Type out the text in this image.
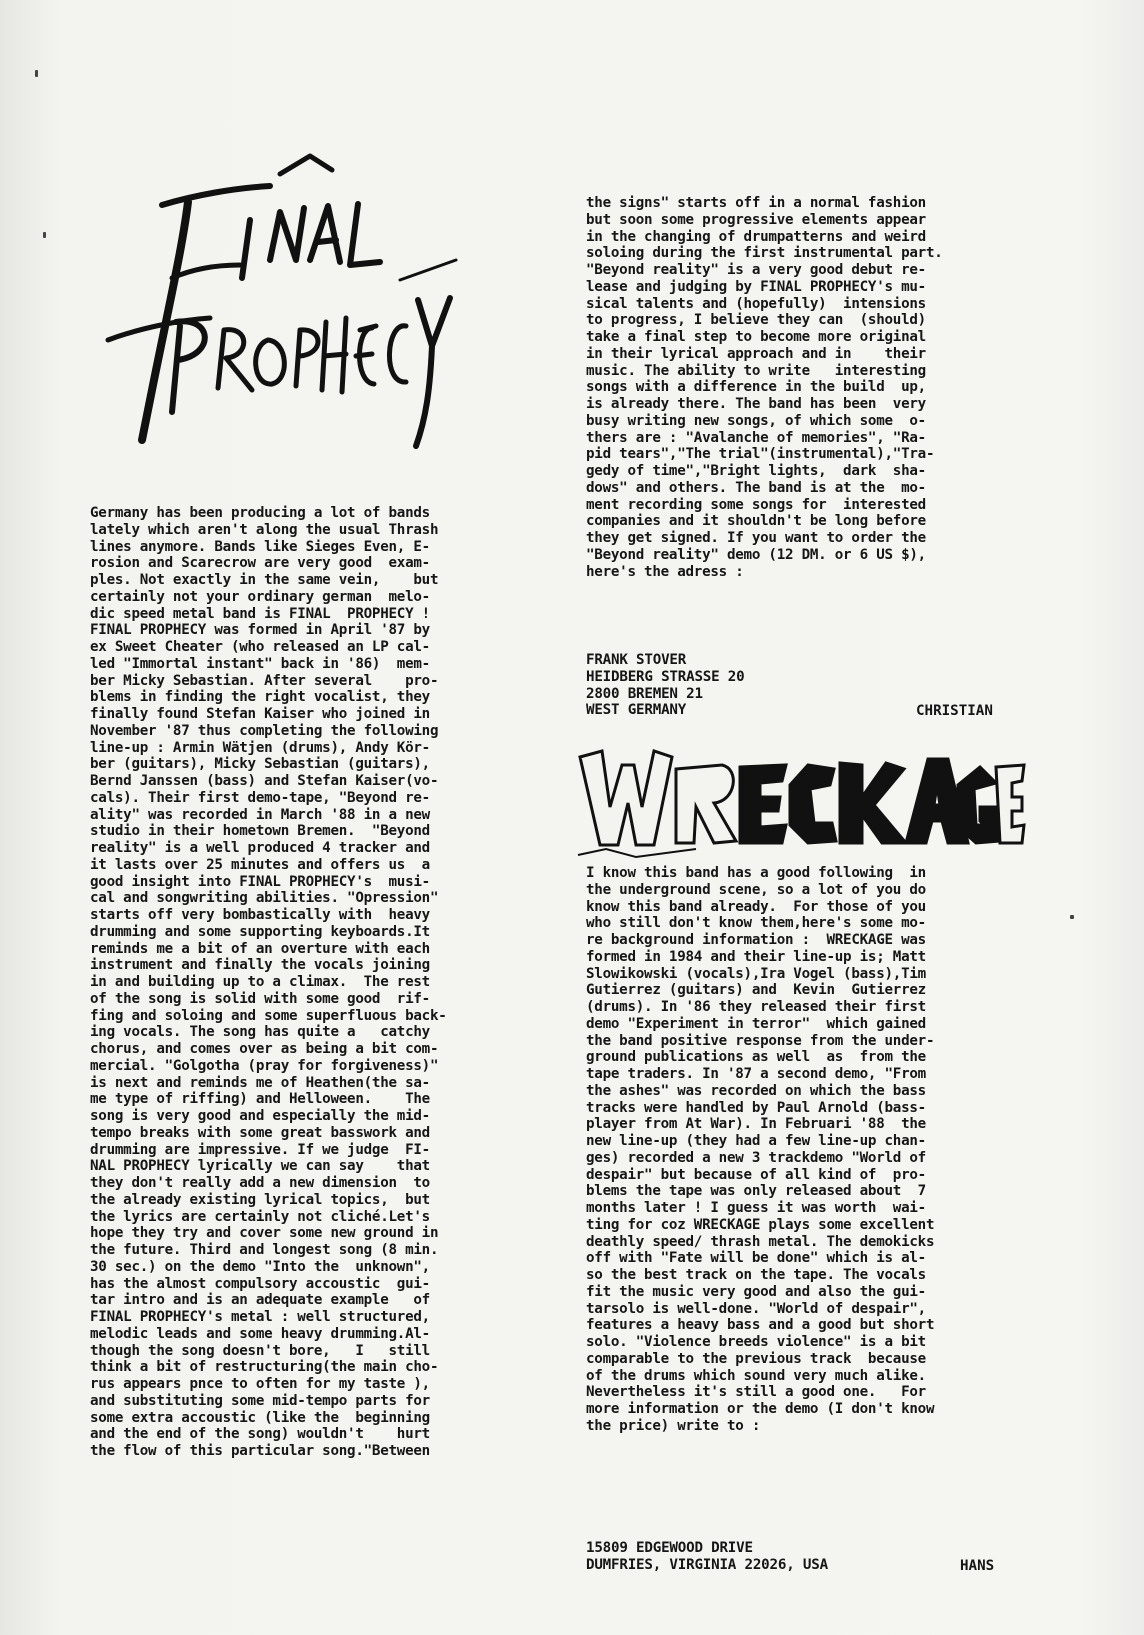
Germany has been producing a lot of bands
lately which aren't along the usual Thrash
lines anymore. Bands like Sieges Even, E-
rosion and Scarecrow are very good  exam-
ples. Not exactly in the same vein,    but
certainly not your ordinary german  melo-
dic speed metal band is FINAL  PROPHECY !
FINAL PROPHECY was formed in April '87 by
ex Sweet Cheater (who released an LP cal-
led "Immortal instant" back in '86)  mem-
ber Micky Sebastian. After several    pro-
blems in finding the right vocalist, they
finally found Stefan Kaiser who joined in
November '87 thus completing the following
line-up : Armin Wätjen (drums), Andy Kör-
ber (guitars), Micky Sebastian (guitars),
Bernd Janssen (bass) and Stefan Kaiser(vo-
cals). Their first demo-tape, "Beyond re-
ality" was recorded in March '88 in a new
studio in their hometown Bremen.  "Beyond
reality" is a well produced 4 tracker and
it lasts over 25 minutes and offers us  a
good insight into FINAL PROPHECY's  musi-
cal and songwriting abilities. "Opression"
starts off very bombastically with  heavy
drumming and some supporting keyboards.It
reminds me a bit of an overture with each
instrument and finally the vocals joining
in and building up to a climax.  The rest
of the song is solid with some good  rif-
fing and soloing and some superfluous back-
ing vocals. The song has quite a   catchy
chorus, and comes over as being a bit com-
mercial. "Golgotha (pray for forgiveness)"
is next and reminds me of Heathen(the sa-
me type of riffing) and Helloween.    The
song is very good and especially the mid-
tempo breaks with some great basswork and
drumming are impressive. If we judge  FI-
NAL PROPHECY lyrically we can say    that
they don't really add a new dimension  to
the already existing lyrical topics,  but
the lyrics are certainly not cliché.Let's
hope they try and cover some new ground in
the future. Third and longest song (8 min.
30 sec.) on the demo "Into the  unknown",
has the almost compulsory accoustic  gui-
tar intro and is an adequate example   of
FINAL PROPHECY's metal : well structured,
melodic leads and some heavy drumming.Al-
though the song doesn't bore,   I   still
think a bit of restructuring(the main cho-
rus appears pnce to often for my taste ),
and substituting some mid-tempo parts for
some extra accoustic (like the  beginning
and the end of the song) wouldn't    hurt
the flow of this particular song."Between
the signs" starts off in a normal fashion
but soon some progressive elements appear
in the changing of drumpatterns and weird
soloing during the first instrumental part.
"Beyond reality" is a very good debut re-
lease and judging by FINAL PROPHECY's mu-
sical talents and (hopefully)  intensions
to progress, I believe they can  (should)
take a final step to become more original
in their lyrical approach and in    their
music. The ability to write   interesting
songs with a difference in the build  up,
is already there. The band has been  very
busy writing new songs, of which some  o-
thers are : "Avalanche of memories", "Ra-
pid tears","The trial"(instrumental),"Tra-
gedy of time","Bright lights,  dark  sha-
dows" and others. The band is at the  mo-
ment recording some songs for  interested
companies and it shouldn't be long before
they get signed. If you want to order the
"Beyond reality" demo (12 DM. or 6 US $),
here's the adress :
FRANK STOVER
HEIDBERG STRASSE 20
2800 BREMEN 21
WEST GERMANY	CHRISTIAN
I know this band has a good following  in
the underground scene, so a lot of you do
know this band already.  For those of you
who still don't know them,here's some mo-
re background information :  WRECKAGE was
formed in 1984 and their line-up is; Matt
Slowikowski (vocals),Ira Vogel (bass),Tim
Gutierrez (guitars) and  Kevin  Gutierrez
(drums). In '86 they released their first
demo "Experiment in terror"  which gained
the band positive response from the under-
ground publications as well  as  from the
tape traders. In '87 a second demo, "From
the ashes" was recorded on which the bass
tracks were handled by Paul Arnold (bass-
player from At War). In Februari '88  the
new line-up (they had a few line-up chan-
ges) recorded a new 3 trackdemo "World of
despair" but because of all kind of  pro-
blems the tape was only released about  7
months later ! I guess it was worth  wai-
ting for coz WRECKAGE plays some excellent
deathly speed/ thrash metal. The demokicks
off with "Fate will be done" which is al-
so the best track on the tape. The vocals
fit the music very good and also the gui-
tarsolo is well-done. "World of despair",
features a heavy bass and a good but short
solo. "Violence breeds violence" is a bit
comparable to the previous track  because
of the drums which sound very much alike.
Nevertheless it's still a good one.   For
more information or the demo (I don't know
the price) write to :
15809 EDGEWOOD DRIVE
DUMFRIES, VIRGINIA 22026, USA	HANS
